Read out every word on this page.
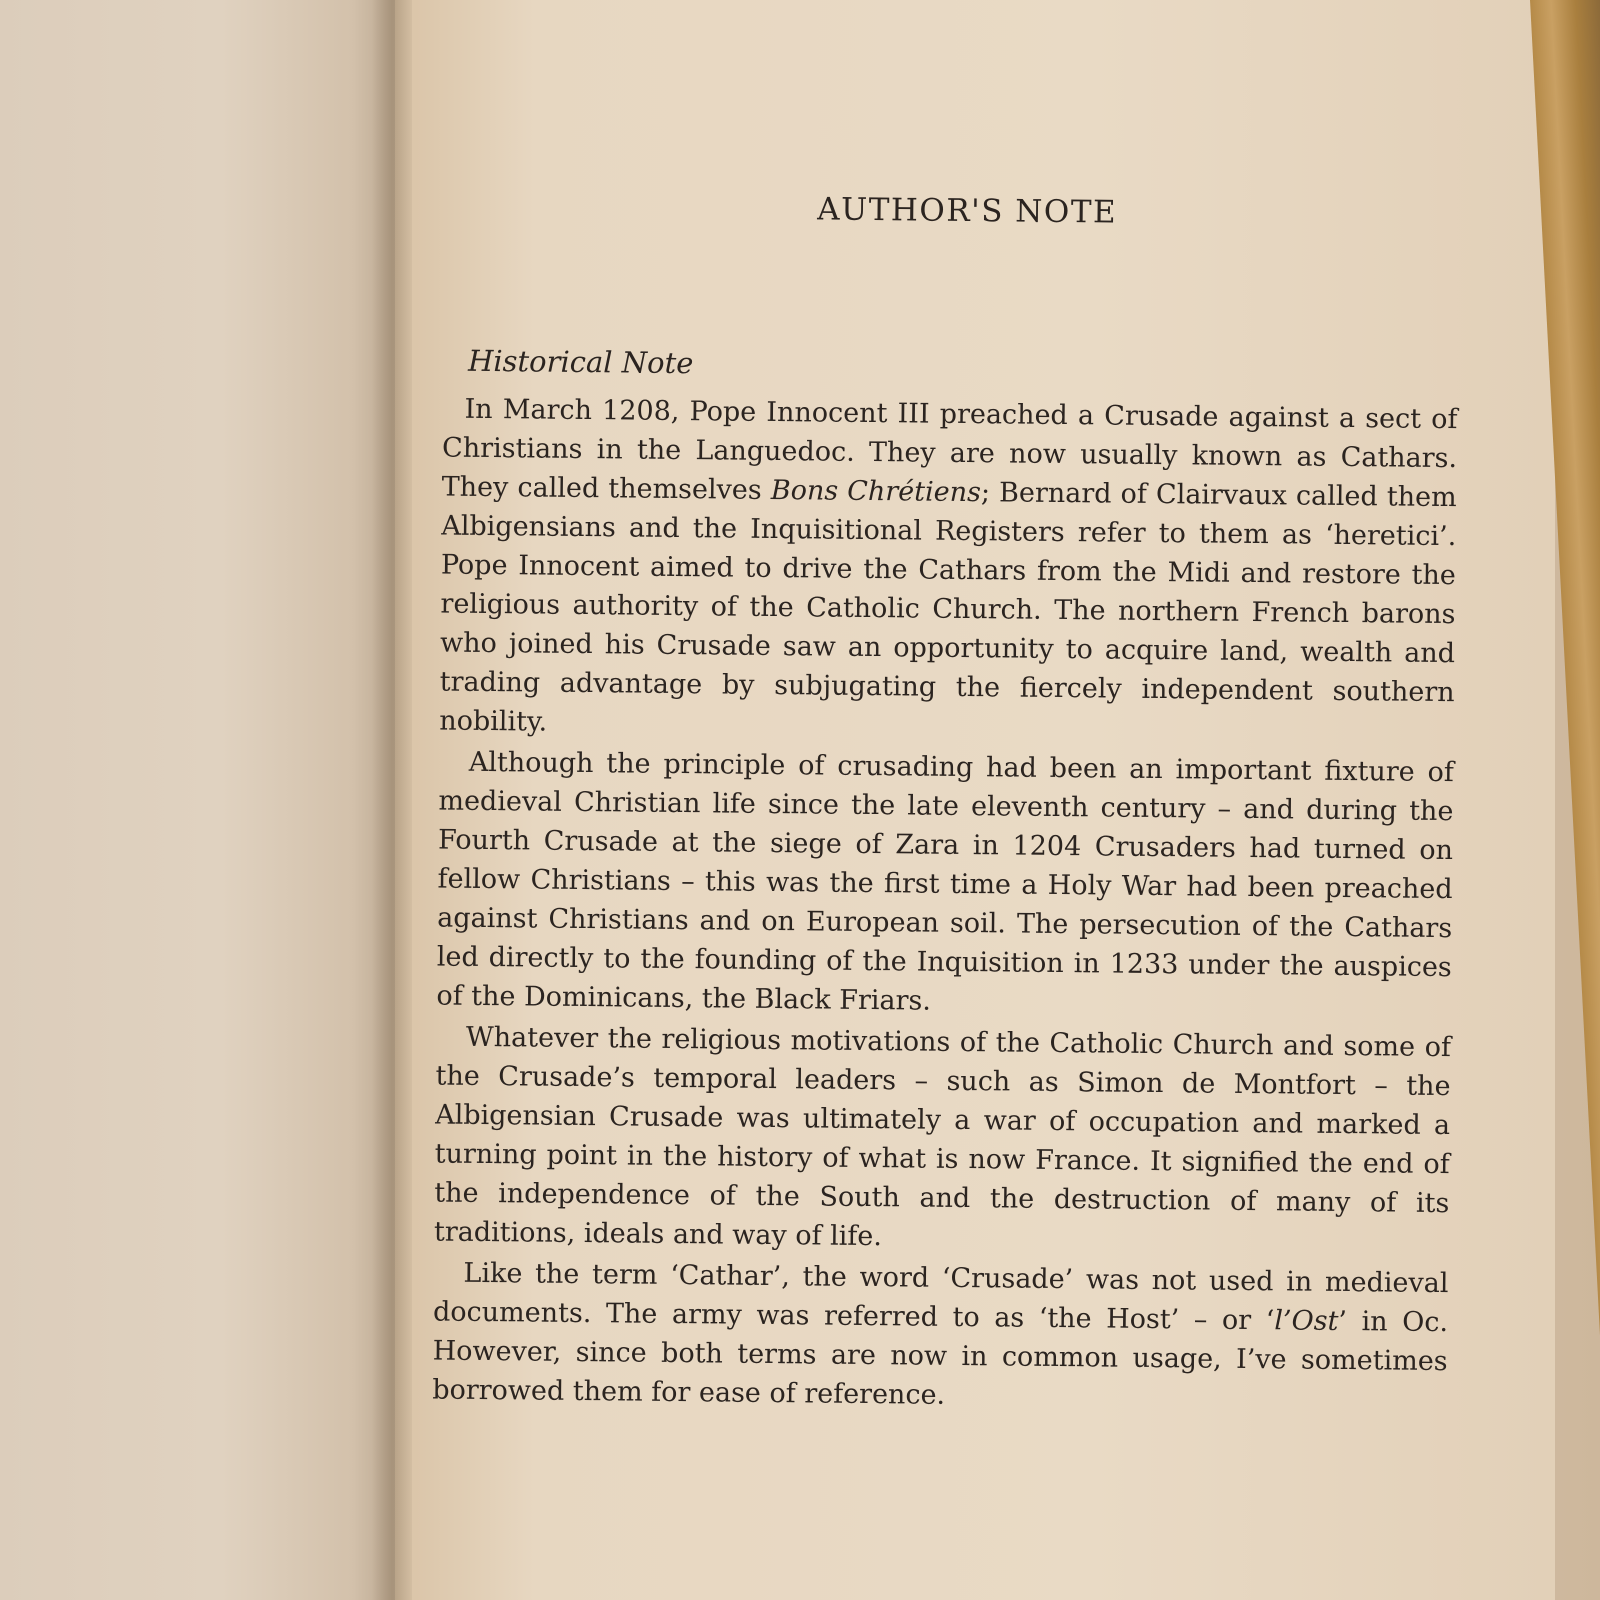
AUTHOR'S NOTE
Historical Note

In March 1208, Pope Innocent III preached a Crusade against a sect of Christians in the Languedoc. They are now usually known as Cathars. They called themselves Bons Chrétiens; Bernard of Clairvaux called them Albigensians and the Inquisitional Registers refer to them as ‘heretici’. Pope Innocent aimed to drive the Cathars from the Midi and restore the religious authority of the Catholic Church. The northern French barons who joined his Crusade saw an opportunity to acquire land, wealth and trading advantage by subjugating the fiercely independent southern nobility.

Although the principle of crusading had been an important fixture of medieval Christian life since the late eleventh century – and during the Fourth Crusade at the siege of Zara in 1204 Crusaders had turned on fellow Christians – this was the first time a Holy War had been preached against Christians and on European soil. The persecution of the Cathars led directly to the founding of the Inquisition in 1233 under the auspices of the Dominicans, the Black Friars.

Whatever the religious motivations of the Catholic Church and some of the Crusade’s temporal leaders – such as Simon de Montfort – the Albigensian Crusade was ultimately a war of occupation and marked a turning point in the history of what is now France. It signified the end of the independence of the South and the destruction of many of its traditions, ideals and way of life.

Like the term ‘Cathar’, the word ‘Crusade’ was not used in medieval documents. The army was referred to as ‘the Host’ – or ‘l’Ost’ in Oc. However, since both terms are now in common usage, I’ve sometimes borrowed them for ease of reference.
